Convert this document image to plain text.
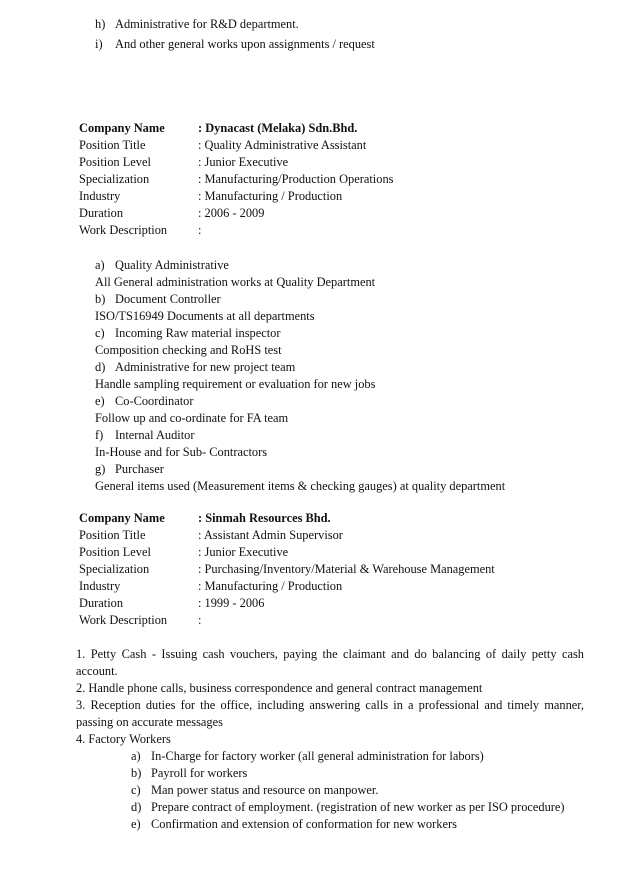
h) Administrative for R&D department.
i) And other general works upon assignments / request
Company Name	: Dynacast (Melaka) Sdn.Bhd.
Position Title	: Quality Administrative Assistant
Position Level	: Junior Executive
Specialization	: Manufacturing/Production Operations
Industry	: Manufacturing / Production
Duration	: 2006 - 2009
Work Description :
a) Quality Administrative
All General administration works at Quality Department
b) Document Controller
ISO/TS16949 Documents at all departments
c) Incoming Raw material inspector
Composition checking and RoHS test
d) Administrative for new project team
Handle sampling requirement or evaluation for new jobs
e) Co-Coordinator
Follow up and co-ordinate for FA team
f) Internal Auditor
In-House and for Sub- Contractors
g) Purchaser
General items used (Measurement items & checking gauges) at quality department
Company Name	: Sinmah Resources Bhd.
Position Title	: Assistant Admin Supervisor
Position Level	: Junior Executive
Specialization	: Purchasing/Inventory/Material & Warehouse Management
Industry	: Manufacturing / Production
Duration	: 1999 - 2006
Work Description :
1. Petty Cash - Issuing cash vouchers, paying the claimant and do balancing of daily petty cash account.
2. Handle phone calls, business correspondence and general contract management
3. Reception duties for the office, including answering calls in a professional and timely manner, passing on accurate messages
4. Factory Workers
a) In-Charge for factory worker (all general administration for labors)
b) Payroll for workers
c) Man power status and resource on manpower.
d) Prepare contract of employment. (registration of new worker as per ISO procedure)
e) Confirmation and extension of conformation for new workers
